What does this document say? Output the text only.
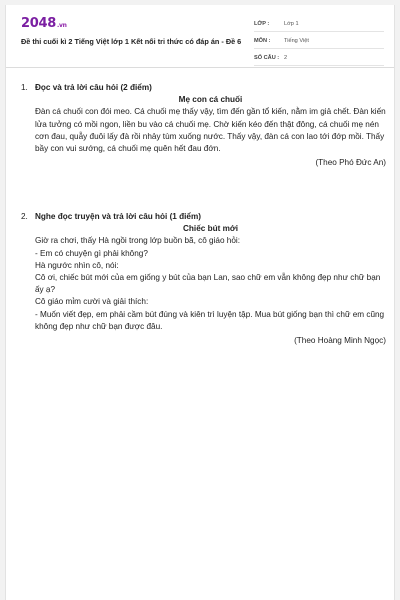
2048.vn
Đề thi cuối kì 2 Tiếng Việt lớp 1 Kết nối tri thức có đáp án - Đề 6
LỚP :	Lớp 1
MÔN :	Tiếng Việt
SỐ CÂU : 2
1. Đọc và trả lời câu hỏi (2 điểm)
Mẹ con cá chuối

Đàn cá chuối con đói meo. Cá chuối mẹ thấy vậy, tìm đến gần tổ kiến, nằm im giả chết. Đàn kiến lửa tưởng có mồi ngon, liền bu vào cá chuối mẹ. Chờ kiến kéo đến thật đông, cá chuối mẹ nén cơn đau, quẫy đuôi lấy đà rồi nhảy tùm xuống nước. Thấy vậy, đàn cá con lao tới đớp mồi. Thấy bầy con vui sướng, cá chuối mẹ quên hết đau đớn.

(Theo Phó Đức An)
2. Nghe đọc truyện và trả lời câu hỏi (1 điểm)
Chiếc bút mới

Giờ ra chơi, thấy Hà ngồi trong lớp buồn bã, cô giáo hỏi:

- Em có chuyện gì phải không?

Hà ngước nhìn cô, nói:

Cô ơi, chiếc bút mới của em giống y bút của bạn Lan, sao chữ em vẫn không đẹp như chữ bạn ấy ạ?

Cô giáo mỉm cười và giải thích:

- Muốn viết đẹp, em phải cầm bút đúng và kiên trì luyện tập. Mua bút giống bạn thì chữ em cũng không đẹp như chữ bạn được đâu.

(Theo Hoàng Minh Ngọc)
